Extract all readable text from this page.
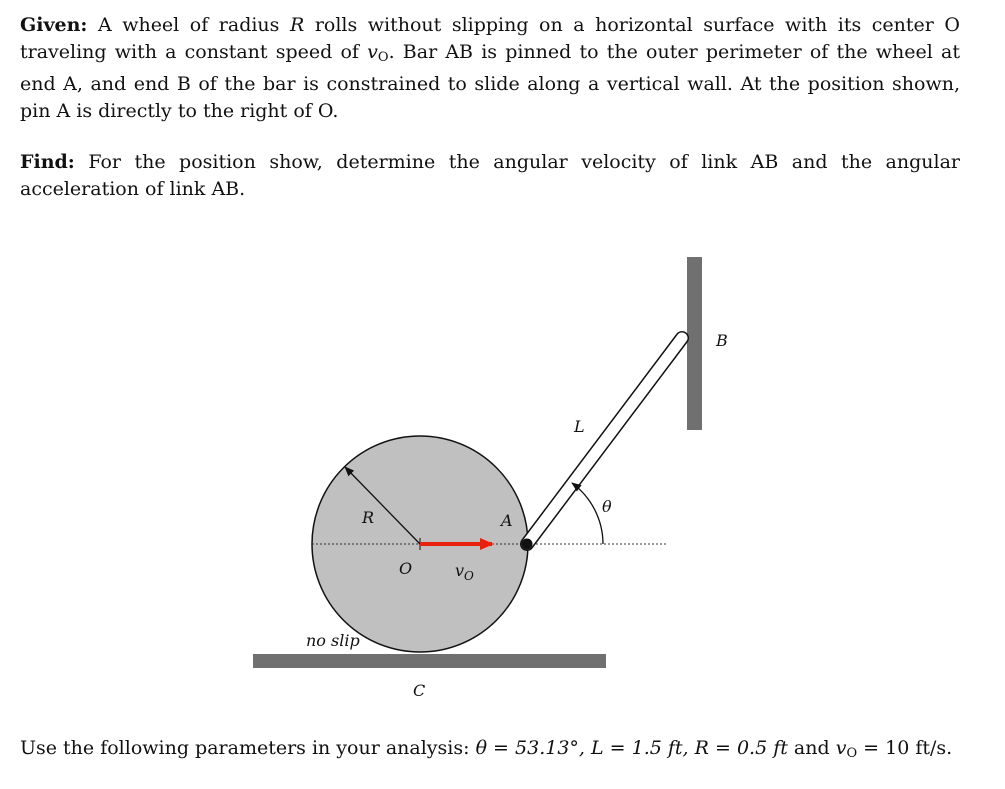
Given: A wheel of radius R rolls without slipping on a horizontal surface with its center O traveling with a constant speed of $v_O$. Bar AB is pinned to the outer perimeter of the wheel at end A, and end B of the bar is constrained to slide along a vertical wall. At the position shown, pin A is directly to the right of O.
Find: For the position show, determine the angular velocity of link AB and the angular acceleration of link AB.
B
L
θ
R	A
O	$v_O$
no slip
C
Use the following parameters in your analysis: θ = 53.13°, L = 1.5 ft, R = 0.5 ft and $v_O = 10$ ft/s.
